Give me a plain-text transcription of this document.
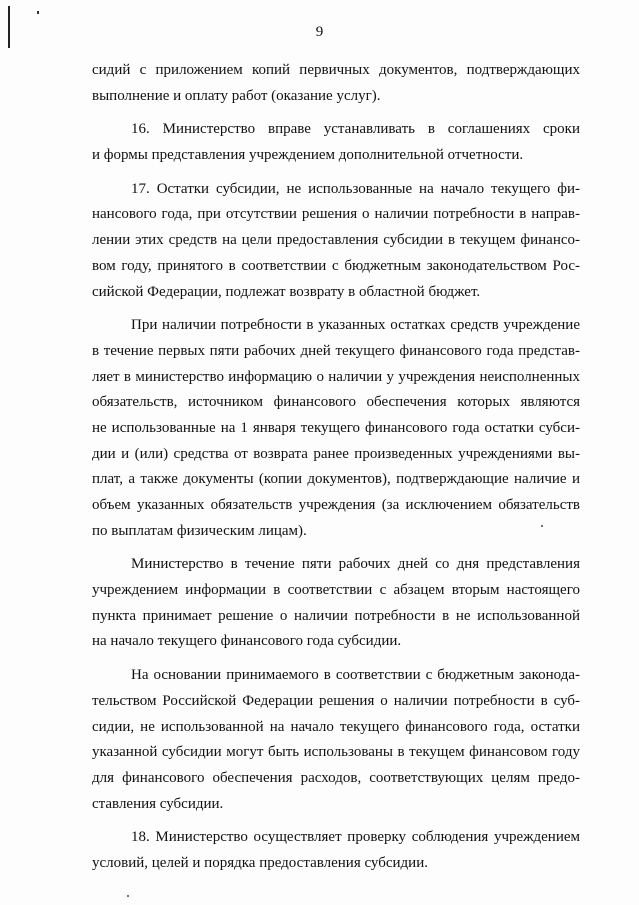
9
сидий с приложением копий первичных документов, подтверждающих
выполнение и оплату работ (оказание услуг).
16. Министерство вправе устанавливать в соглашениях сроки
и формы представления учреждением дополнительной отчетности.
17. Остатки субсидии, не использованные на начало текущего фи-
нансового года, при отсутствии решения о наличии потребности в направ-
лении этих средств на цели предоставления субсидии в текущем финансо-
вом году, принятого в соответствии с бюджетным законодательством Рос-
сийской Федерации, подлежат возврату в областной бюджет.
При наличии потребности в указанных остатках средств учреждение
в течение первых пяти рабочих дней текущего финансового года представ-
ляет в министерство информацию о наличии у учреждения неисполненных
обязательств, источником финансового обеспечения которых являются
не использованные на 1 января текущего финансового года остатки субси-
дии и (или) средства от возврата ранее произведенных учреждениями вы-
плат, а также документы (копии документов), подтверждающие наличие и
объем указанных обязательств учреждения (за исключением обязательств
по выплатам физическим лицам).
Министерство в течение пяти рабочих дней со дня представления
учреждением информации в соответствии с абзацем вторым настоящего
пункта принимает решение о наличии потребности в не использованной
на начало текущего финансового года субсидии.
На основании принимаемого в соответствии с бюджетным законода-
тельством Российской Федерации решения о наличии потребности в суб-
сидии, не использованной на начало текущего финансового года, остатки
указанной субсидии могут быть использованы в текущем финансовом году
для финансового обеспечения расходов, соответствующих целям предо-
ставления субсидии.
18. Министерство осуществляет проверку соблюдения учреждением
условий, целей и порядка предоставления субсидии.
